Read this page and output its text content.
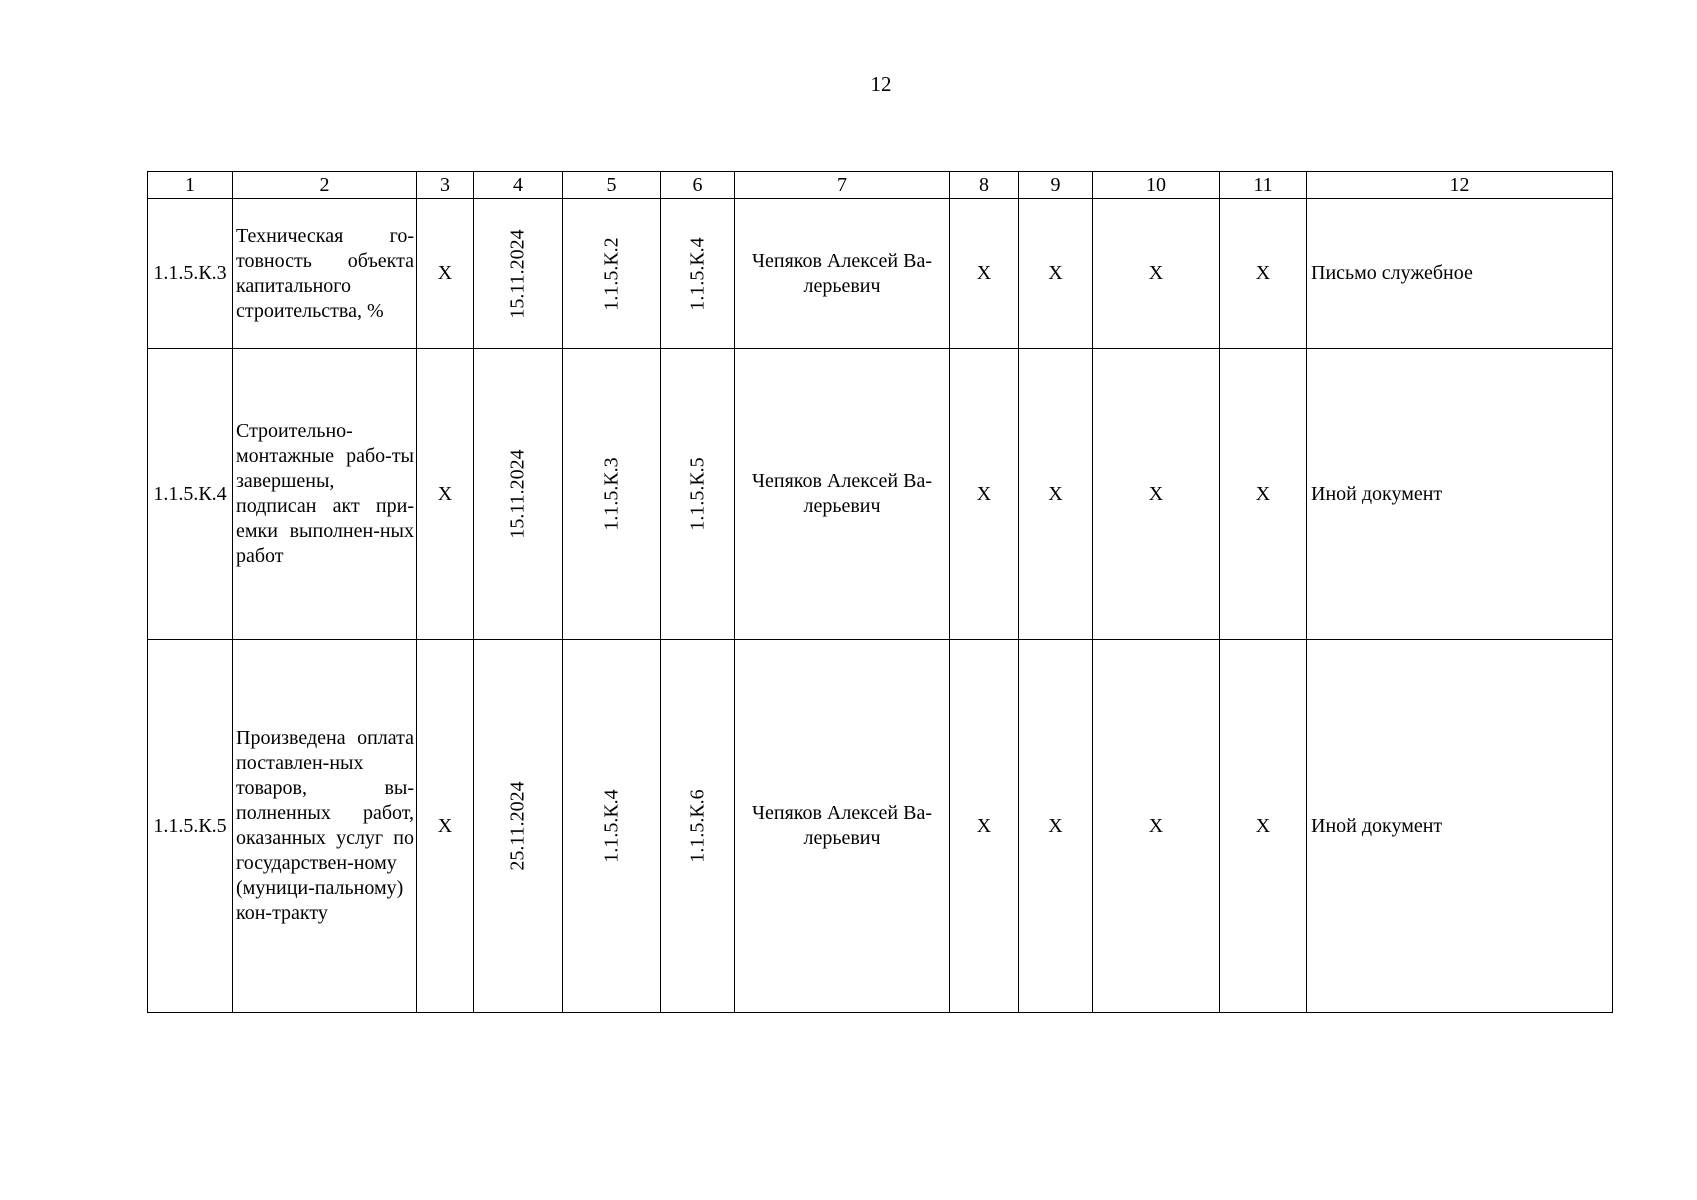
12
1	2	3	4	5	6	7	8	9	10	11	12
1.1.5.К.3	Техническая го-товность объекта капитального строительства, %	Х	15.11.2024	1.1.5.К.2	1.1.5.К.4	Чепяков Алексей Ва-лерьевич	Х	Х	Х	Х	Письмо служебное
1.1.5.К.4	Строительно-монтажные рабо-ты завершены, подписан акт при-емки выполнен-ных работ	Х	15.11.2024	1.1.5.К.3	1.1.5.К.5	Чепяков Алексей Ва-лерьевич	Х	Х	Х	Х	Иной документ
1.1.5.К.5	Произведена оплата поставлен-ных товаров, вы-полненных работ, оказанных услуг по государствен-ному (муници-пальному) кон-тракту	Х	25.11.2024	1.1.5.К.4	1.1.5.К.6	Чепяков Алексей Ва-лерьевич	Х	Х	Х	Х	Иной документ
